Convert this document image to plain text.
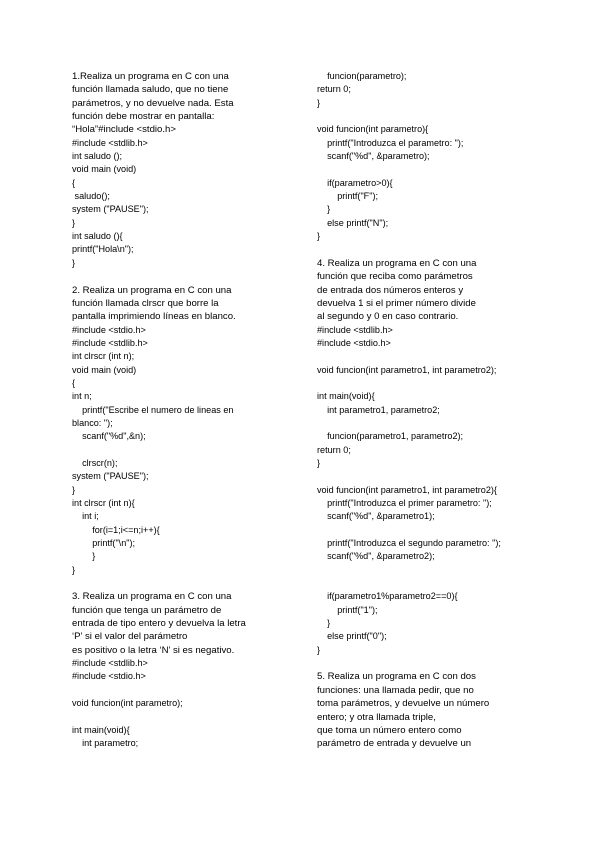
1.Realiza un programa en C con una
función llamada saludo, que no tiene
parámetros, y no devuelve nada. Esta
función debe mostrar en pantalla:
“Hola”#include <stdio.h>
#include <stdlib.h>
int saludo ();
void main (void)
{
saludo();
system ("PAUSE");
}
int saludo (){
printf("Hola\n");
}
2. Realiza un programa en C con una
función llamada clrscr que borre la
pantalla imprimiendo líneas en blanco.
#include <stdio.h>
#include <stdlib.h>
int clrscr (int n);
void main (void)
{
int n;
printf("Escribe el numero de lineas en
blanco: ");
scanf("%d",&n);
clrscr(n);
system ("PAUSE");
}
int clrscr (int n){
int i;
for(i=1;i<=n;i++){
printf("\n");
}
}
3. Realiza un programa en C con una
función que tenga un parámetro de
entrada de tipo entero y devuelva la letra
‘P’ si el valor del parámetro
es positivo o la letra ‘N’ si es negativo.
#include <stdlib.h>
#include <stdio.h>
void funcion(int parametro);
int main(void){
int parametro;
funcion(parametro);
return 0;
}
void funcion(int parametro){
printf("Introduzca el parametro: ");
scanf("%d", &parametro);
if(parametro>0){
printf("F");
}
else printf("N");
}
4. Realiza un programa en C con una
función que reciba como parámetros
de entrada dos números enteros y
devuelva 1 si el primer número divide
al segundo y 0 en caso contrario.
#include <stdlib.h>
#include <stdio.h>
void funcion(int parametro1, int parametro2);
int main(void){
int parametro1, parametro2;
funcion(parametro1, parametro2);
return 0;
}
void funcion(int parametro1, int parametro2){
printf("Introduzca el primer parametro: ");
scanf("%d", &parametro1);
printf("Introduzca el segundo parametro: ");
scanf("%d", &parametro2);
if(parametro1%parametro2==0){
printf("1");
}
else printf("0");
}
5. Realiza un programa en C con dos
funciones: una llamada pedir, que no
toma parámetros, y devuelve un número
entero; y otra llamada triple,
que toma un número entero como
parámetro de entrada y devuelve un
